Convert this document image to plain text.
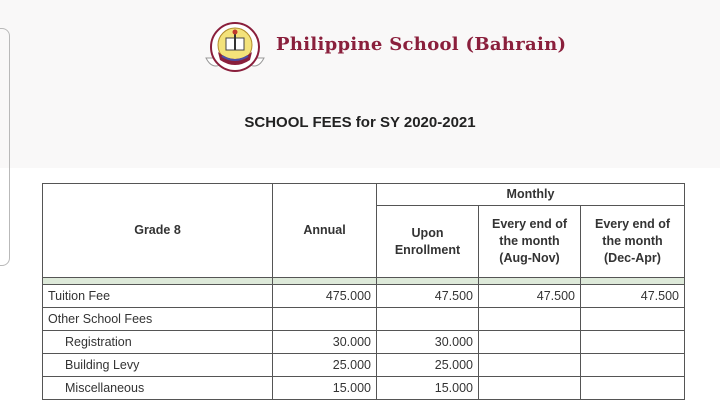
Philippine School (Bahrain)
SCHOOL FEES for SY 2020-2021
Grade 8	Annual	Monthly		
		Upon Enrollment	Every end of the month (Aug-Nov)	Every end of the month (Dec-Apr)

Tuition Fee	475.000	47.500	47.500	47.500
Other School Fees				
Registration	30.000	30.000		
Building Levy	25.000	25.000		
Miscellaneous	15.000	15.000		
